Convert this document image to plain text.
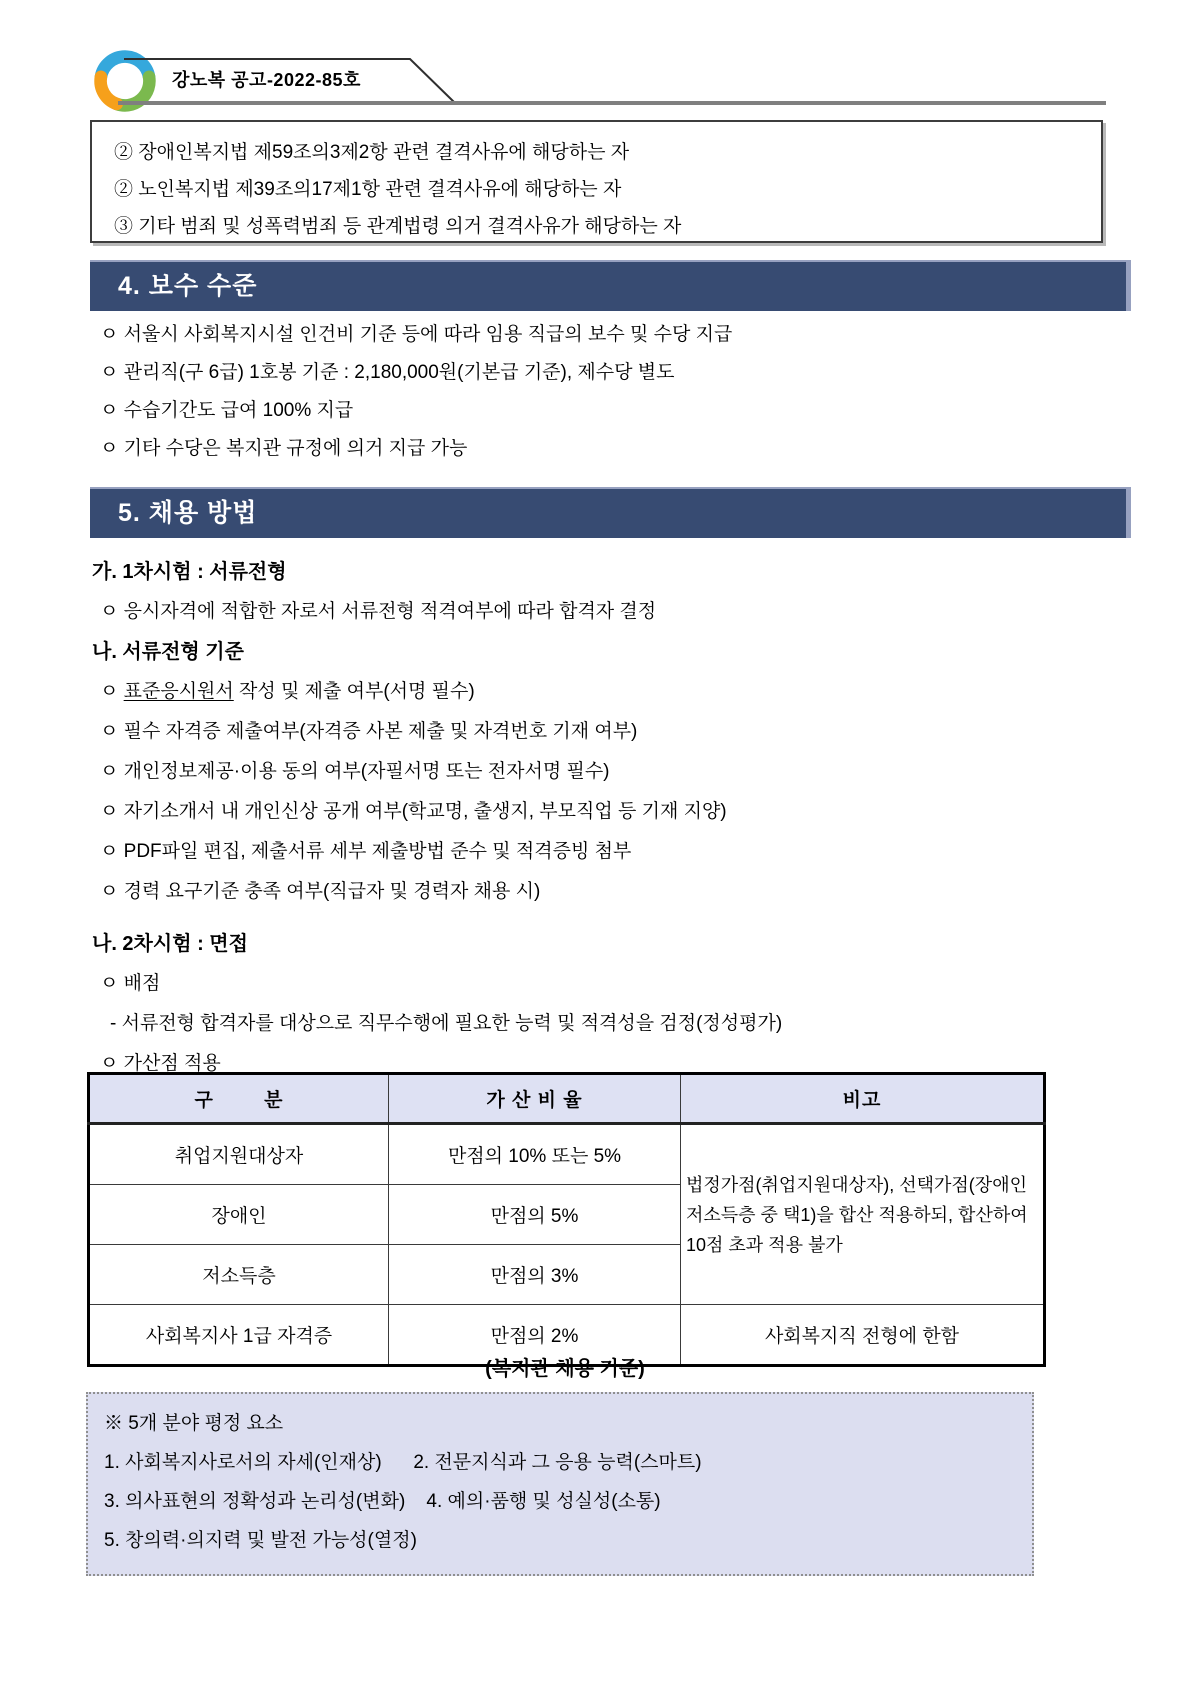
강노복 공고-2022-85호
② 장애인복지법 제59조의3제2항 관련 결격사유에 해당하는 자
② 노인복지법 제39조의17제1항 관련 결격사유에 해당하는 자
③ 기타 범죄 및 성폭력범죄 등 관계법령 의거 결격사유가 해당하는 자
4. 보수 수준
ㅇ 서울시 사회복지시설 인건비 기준 등에 따라 임용 직급의 보수 및 수당 지급
ㅇ 관리직(구 6급) 1호봉 기준 : 2,180,000원(기본급 기준), 제수당 별도
ㅇ 수습기간도 급여 100% 지급
ㅇ 기타 수당은 복지관 규정에 의거 지급 가능
5. 채용 방법
가. 1차시험 : 서류전형
ㅇ 응시자격에 적합한 자로서 서류전형 적격여부에 따라 합격자 결정
나. 서류전형 기준
ㅇ 표준응시원서 작성 및 제출 여부(서명 필수)
ㅇ 필수 자격증 제출여부(자격증 사본 제출 및 자격번호 기재 여부)
ㅇ 개인정보제공·이용 동의 여부(자필서명 또는 전자서명 필수)
ㅇ 자기소개서 내 개인신상 공개 여부(학교명, 출생지, 부모직업 등 기재 지양)
ㅇ PDF파일 편집, 제출서류 세부 제출방법 준수 및 적격증빙 첨부
ㅇ 경력 요구기준 충족 여부(직급자 및 경력자 채용 시)
나. 2차시험 : 면접
ㅇ 배점
- 서류전형 합격자를 대상으로 직무수행에 필요한 능력 및 적격성을 검정(정성평가)
ㅇ 가산점 적용
구        분	가 산 비 율	비고
취업지원대상자	만점의 10% 또는 5%	법정가점(취업지원대상자), 선택가점(장애인 저소득층 중 택1)을 합산 적용하되, 합산하여 10점 초과 적용 불가
장애인	만점의 5%	
저소득층	만점의 3%	
사회복지사 1급 자격증	만점의 2%	사회복지직 전형에 한함
(복지관 채용 기준)
※ 5개 분야 평정 요소
1. 사회복지사로서의 자세(인재상)      2. 전문지식과 그 응용 능력(스마트)
3. 의사표현의 정확성과 논리성(변화)    4. 예의·품행 및 성실성(소통)
5. 창의력·의지력 및 발전 가능성(열정)
